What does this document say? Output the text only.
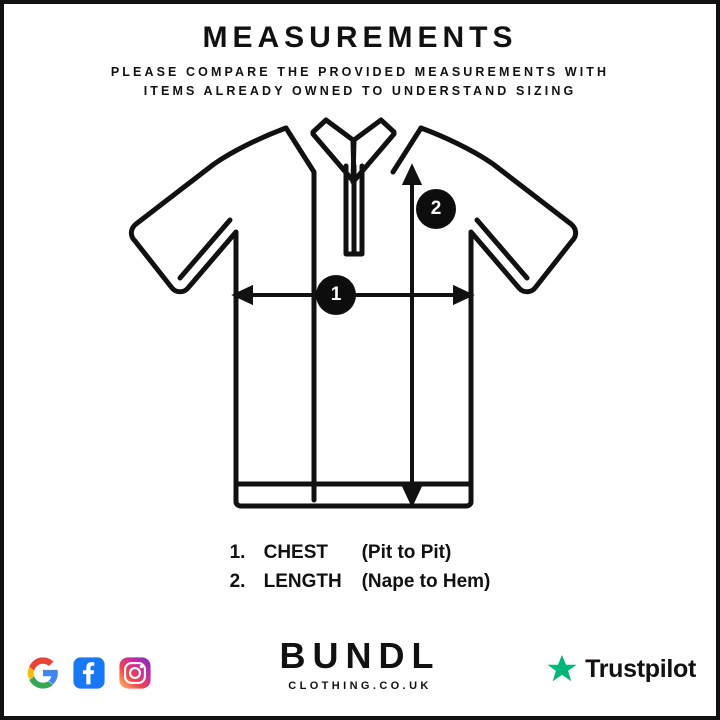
MEASUREMENTS
PLEASE COMPARE THE PROVIDED MEASUREMENTS WITH
ITEMS ALREADY OWNED TO UNDERSTAND SIZING
1
2
1. CHEST (Pit to Pit)
2. LENGTH (Nape to Hem)
BUNDL
CLOTHING.CO.UK
Trustpilot
